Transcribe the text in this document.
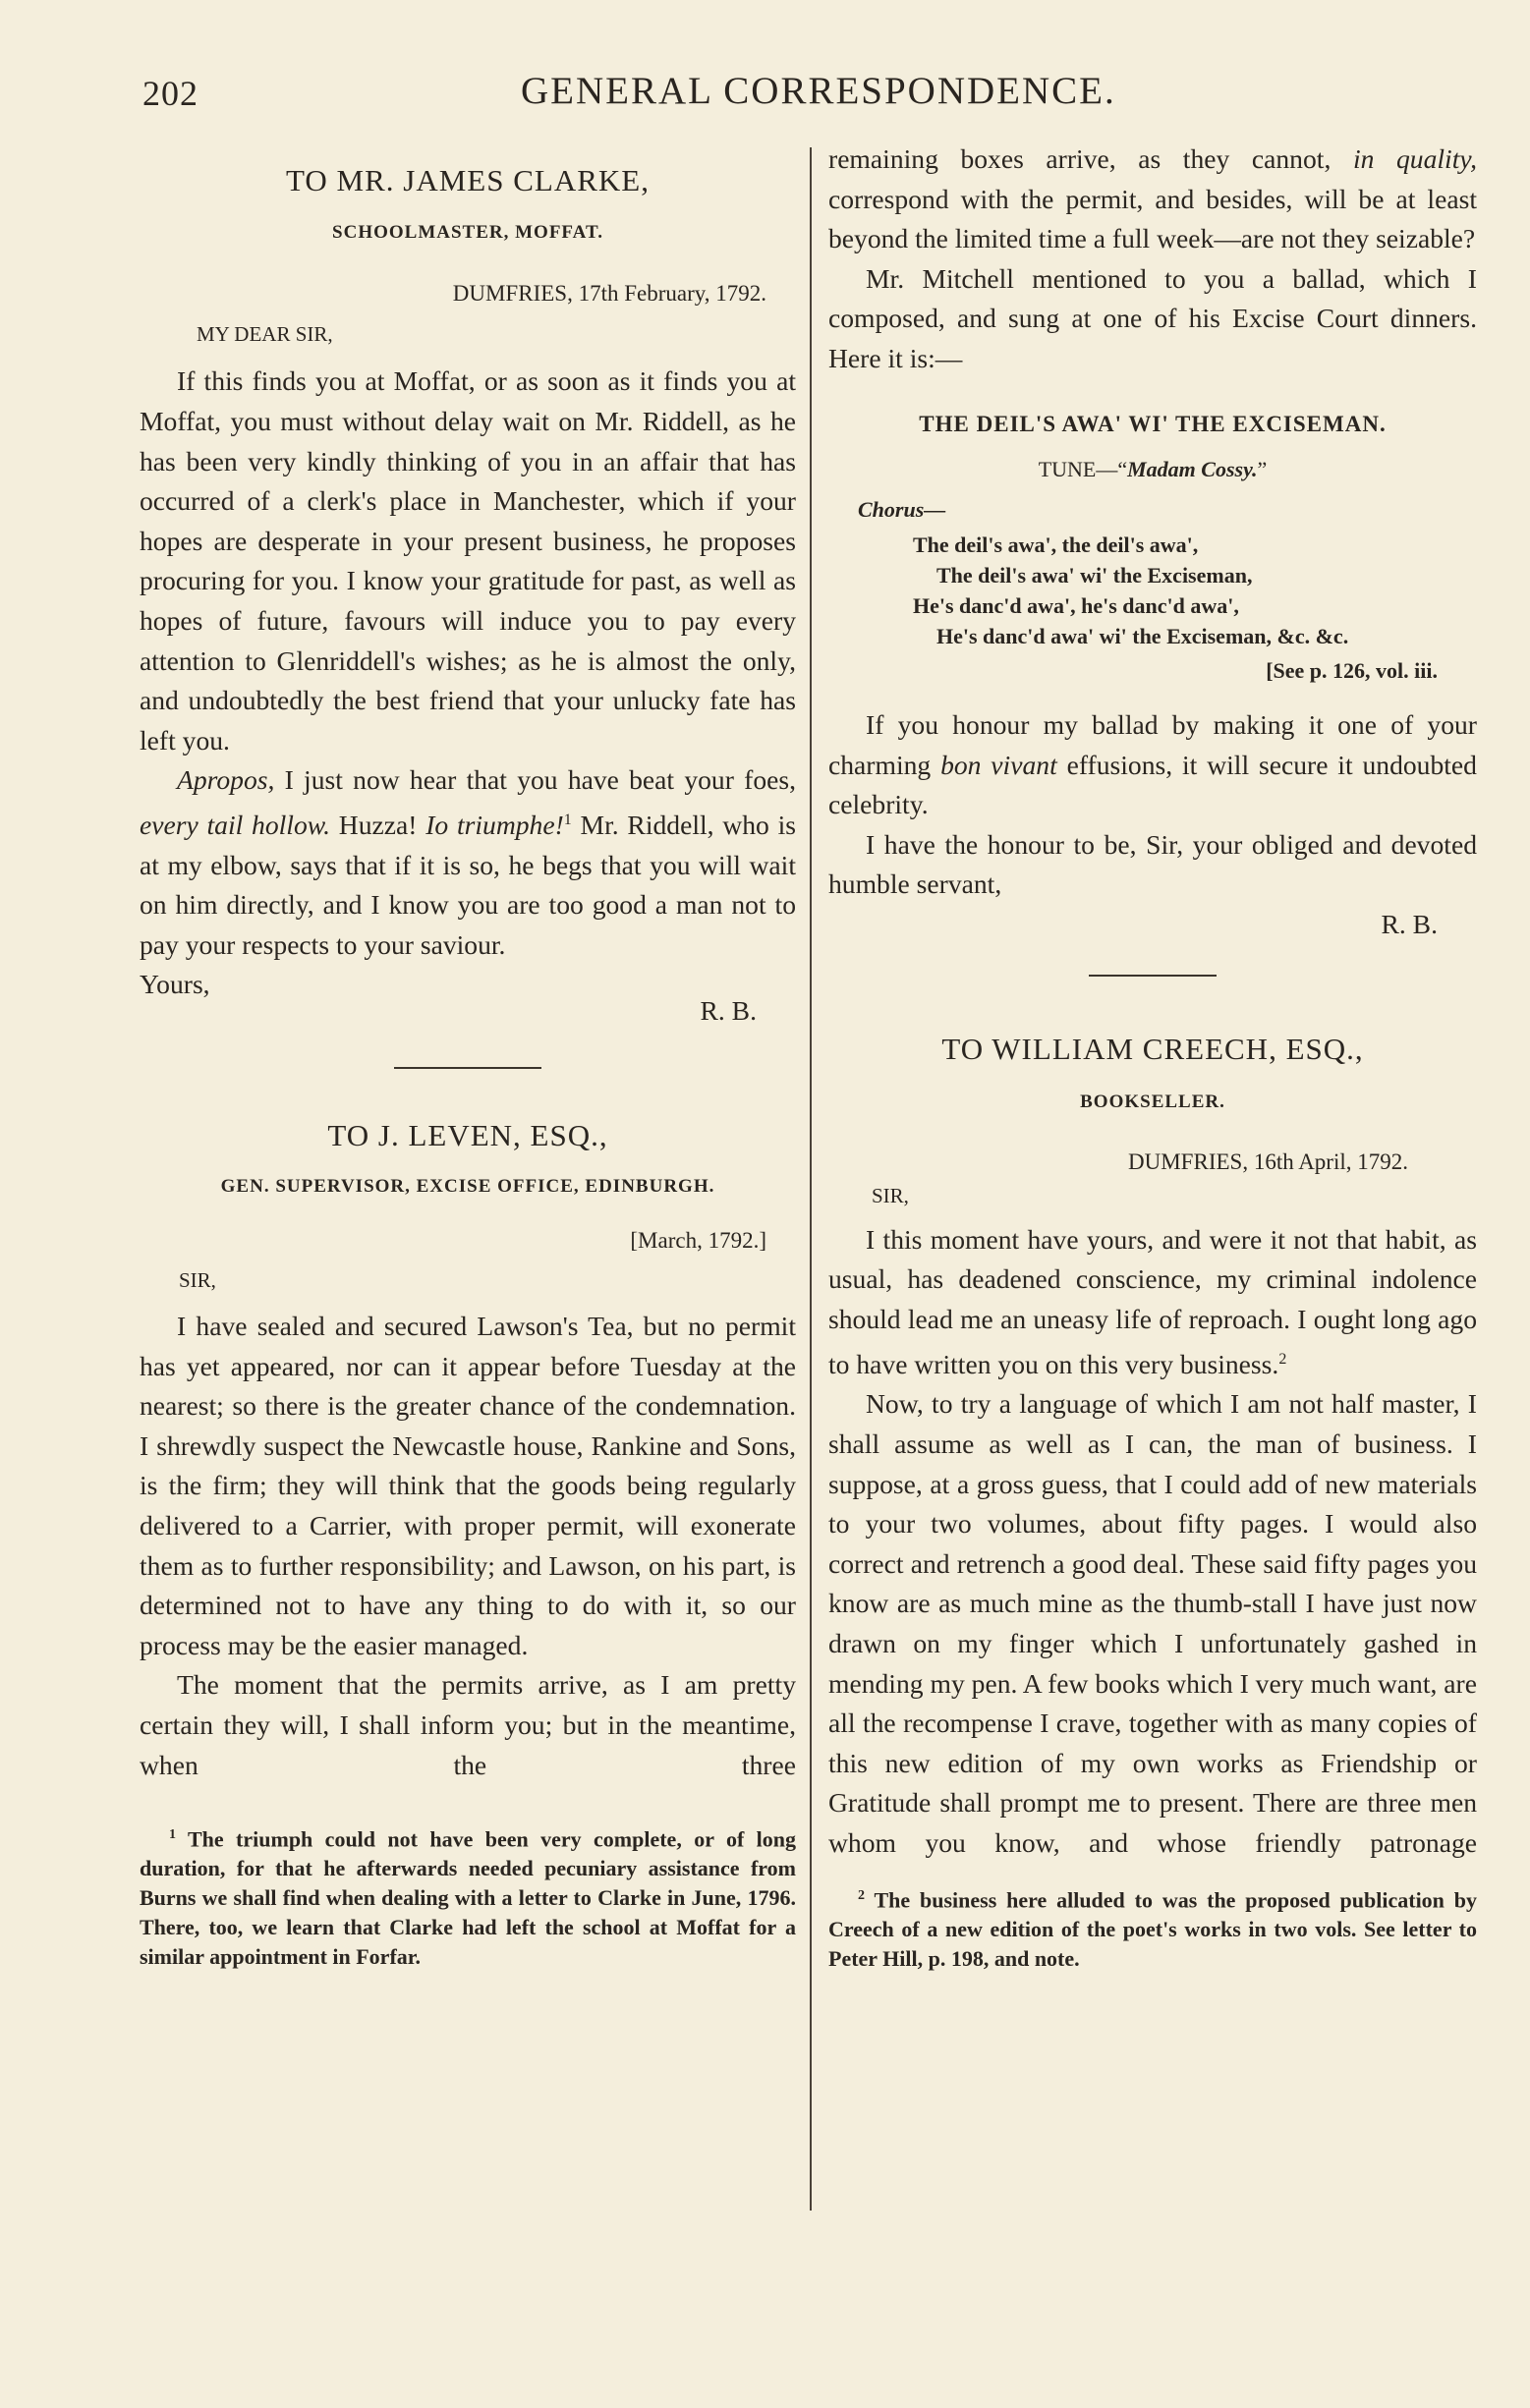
202	GENERAL CORRESPONDENCE.

TO MR. JAMES CLARKE,

SCHOOLMASTER, MOFFAT.

DUMFRIES, 17th February, 1792.

MY DEAR SIR,

If this finds you at Moffat, or as soon as it finds you at Moffat, you must without delay wait on Mr. Riddell, as he has been very kindly thinking of you in an affair that has occurred of a clerk's place in Manchester, which if your hopes are desperate in your present business, he proposes procuring for you. I know your gratitude for past, as well as hopes of future, favours will induce you to pay every attention to Glenriddell's wishes; as he is almost the only, and undoubtedly the best friend that your unlucky fate has left you.

Apropos, I just now hear that you have beat your foes, every tail hollow. Huzza! Io triumphe!$^1$ Mr. Riddell, who is at my elbow, says that if it is so, he begs that you will wait on him directly, and I know you are too good a man not to pay your respects to your saviour.

Yours,

R. B.

TO J. LEVEN, ESQ.,

GEN. SUPERVISOR, EXCISE OFFICE, EDINBURGH.

[March, 1792.]

SIR,

I have sealed and secured Lawson's Tea, but no permit has yet appeared, nor can it appear before Tuesday at the nearest; so there is the greater chance of the condemnation. I shrewdly suspect the Newcastle house, Rankine and Sons, is the firm; they will think that the goods being regularly delivered to a Carrier, with proper permit, will exonerate them as to further responsibility; and Lawson, on his part, is determined not to have any thing to do with it, so our process may be the easier managed.

The moment that the permits arrive, as I am pretty certain they will, I shall inform you; but in the meantime, when the three

$^1$ The triumph could not have been very complete, or of long duration, for that he afterwards needed pecuniary assistance from Burns we shall find when dealing with a letter to Clarke in June, 1796. There, too, we learn that Clarke had left the school at Moffat for a similar appointment in Forfar.

remaining boxes arrive, as they cannot, in quality, correspond with the permit, and besides, will be at least beyond the limited time a full week—are not they seizable?

Mr. Mitchell mentioned to you a ballad, which I composed, and sung at one of his Excise Court dinners. Here it is:—

THE DEIL'S AWA' WI' THE EXCISEMAN.

TUNE—“Madam Cossy.”

Chorus—

The deil's awa', the deil's awa',
The deil's awa' wi' the Exciseman,
He's danc'd awa', he's danc'd awa',
He's danc'd awa' wi' the Exciseman, &c. &c.

[See p. 126, vol. iii.

If you honour my ballad by making it one of your charming bon vivant effusions, it will secure it undoubted celebrity.

I have the honour to be, Sir, your obliged and devoted humble servant,

R. B.

TO WILLIAM CREECH, ESQ.,

BOOKSELLER.

DUMFRIES, 16th April, 1792.

SIR,

I this moment have yours, and were it not that habit, as usual, has deadened conscience, my criminal indolence should lead me an uneasy life of reproach. I ought long ago to have written you on this very business.$^2$

Now, to try a language of which I am not half master, I shall assume as well as I can, the man of business. I suppose, at a gross guess, that I could add of new materials to your two volumes, about fifty pages. I would also correct and retrench a good deal. These said fifty pages you know are as much mine as the thumb-stall I have just now drawn on my finger which I unfortunately gashed in mending my pen. A few books which I very much want, are all the recompense I crave, together with as many copies of this new edition of my own works as Friendship or Gratitude shall prompt me to present. There are three men whom you know, and whose friendly patronage

$^2$ The business here alluded to was the proposed publication by Creech of a new edition of the poet's works in two vols. See letter to Peter Hill, p. 198, and note.
